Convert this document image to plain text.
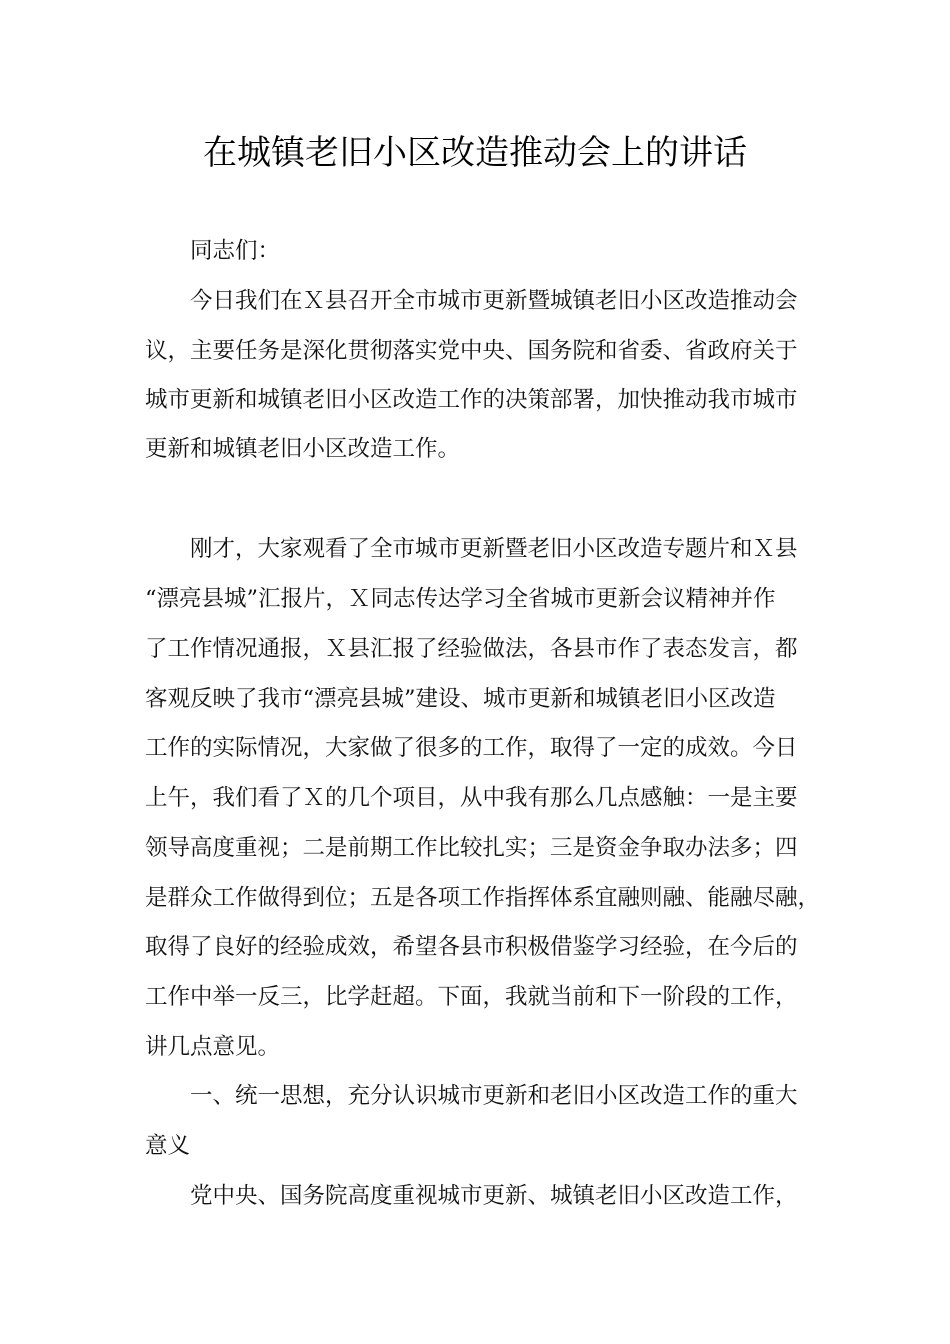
在城镇老旧小区改造推动会上的讲话
同志们：
今日我们在Ｘ县召开全市城市更新暨城镇老旧小区改造推动会
议，主要任务是深化贯彻落实党中央、国务院和省委、省政府关于
城市更新和城镇老旧小区改造工作的决策部署，加快推动我市城市
更新和城镇老旧小区改造工作。
刚才，大家观看了全市城市更新暨老旧小区改造专题片和Ｘ县
“漂亮县城”汇报片，Ｘ同志传达学习全省城市更新会议精神并作
了工作情况通报，Ｘ县汇报了经验做法，各县市作了表态发言，都
客观反映了我市“漂亮县城”建设、城市更新和城镇老旧小区改造
工作的实际情况，大家做了很多的工作，取得了一定的成效。今日
上午，我们看了Ｘ的几个项目，从中我有那么几点感触：一是主要
领导高度重视；二是前期工作比较扎实；三是资金争取办法多；四
是群众工作做得到位；五是各项工作指挥体系宜融则融、能融尽融，
取得了良好的经验成效，希望各县市积极借鉴学习经验，在今后的
工作中举一反三，比学赶超。下面，我就当前和下一阶段的工作，
讲几点意见。
一、统一思想，充分认识城市更新和老旧小区改造工作的重大
意义
党中央、国务院高度重视城市更新、城镇老旧小区改造工作，
